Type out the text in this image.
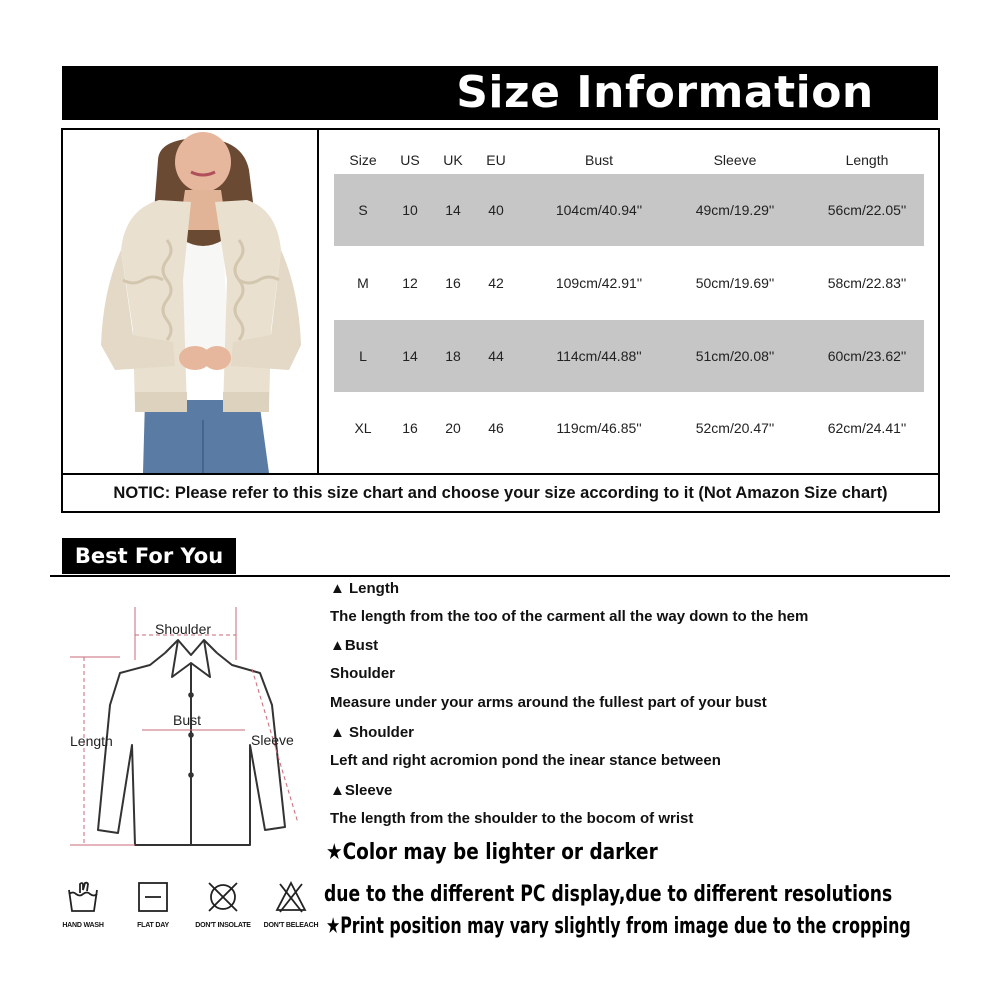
Size Information
Size	US	UK	EU	Bust	Sleeve	Length
S	10	14	40	104cm/40.94''	49cm/19.29''	56cm/22.05''
M	12	16	42	109cm/42.91''	50cm/19.69''	58cm/22.83''
L	14	18	44	114cm/44.88''	51cm/20.08''	60cm/23.62''
XL	16	20	46	119cm/46.85''	52cm/20.47''	62cm/24.41''
NOTIC: Please refer to this size chart and choose your size according to it (Not Amazon Size chart)
Best For You
Shoulder
Bust
Length	Sleeve
HAND WASH	FLAT DAY	DON'T INSOLATE	DON'T BELEACH
▲ Length
The length from the too of the carment all the way down to the hem
▲Bust
Shoulder
Measure under your arms around the fullest part of your bust
▲ Shoulder
Left and right acromion pond the inear stance between
▲Sleeve
The length from the shoulder to the bocom of wrist
★Color may be lighter or darker
due to the different PC display,due to different resolutions
★Print position may vary slightly from image due to the cropping
